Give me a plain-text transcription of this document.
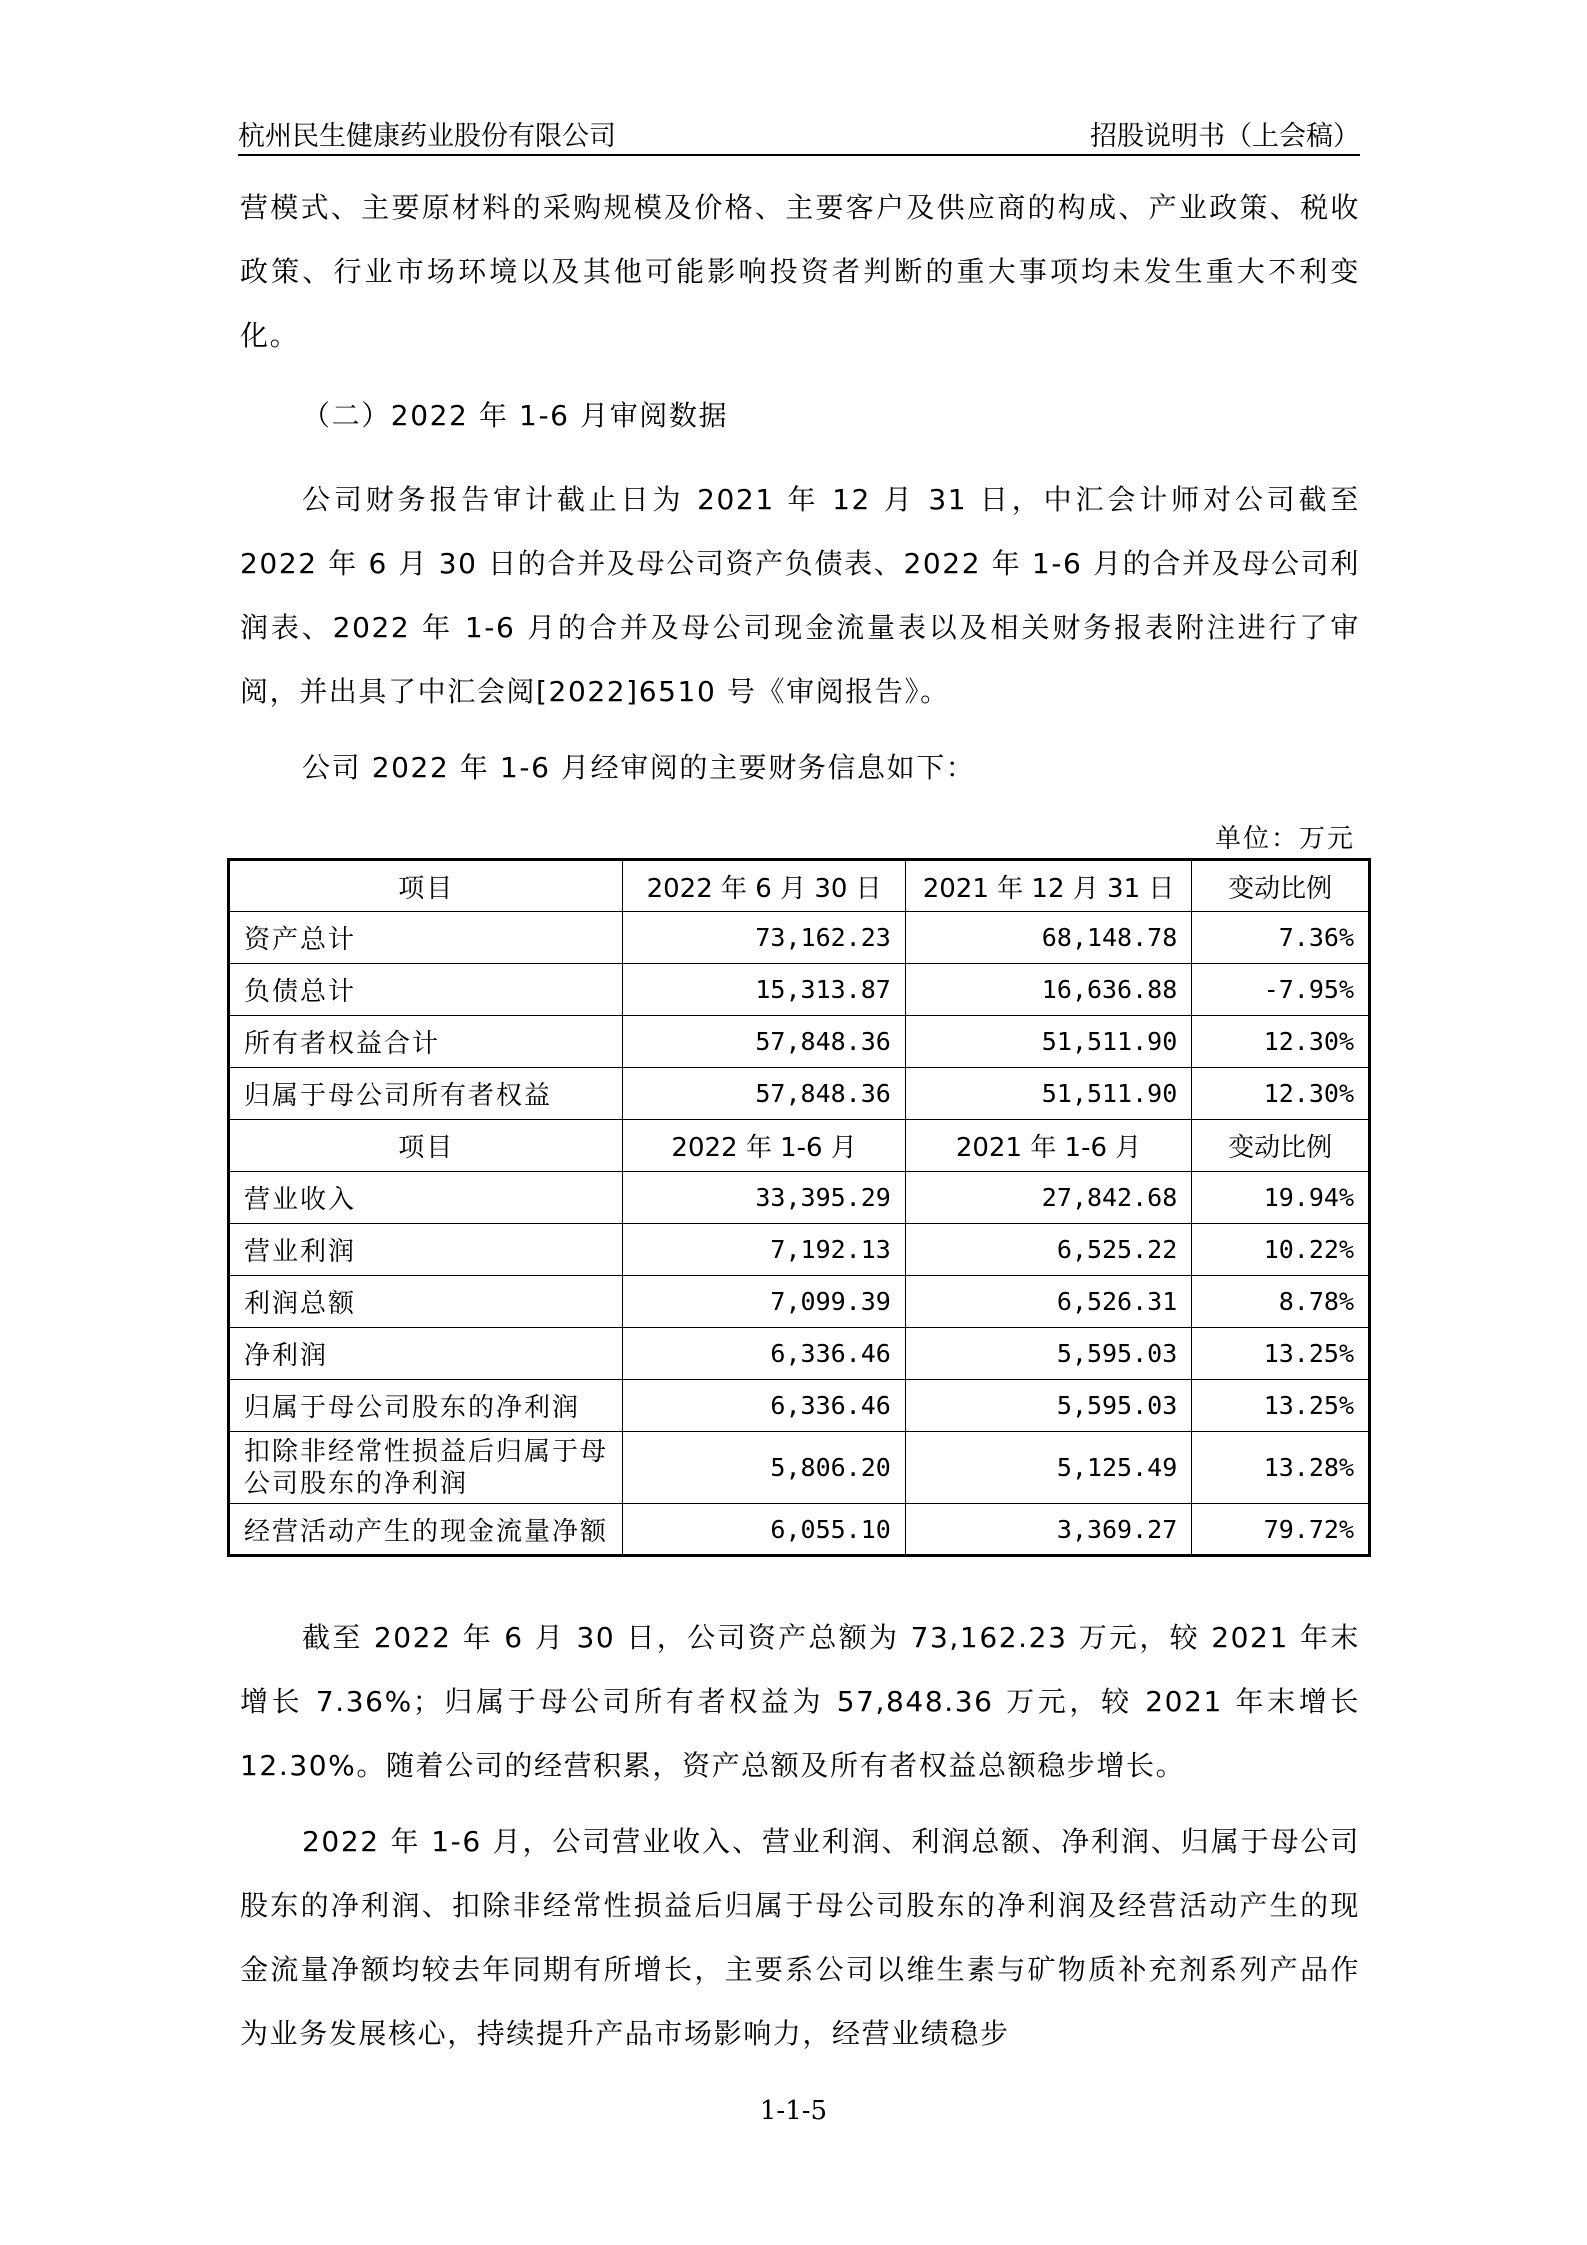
杭州民生健康药业股份有限公司	招股说明书（上会稿）

营模式、主要原材料的采购规模及价格、主要客户及供应商的构成、产业政策、税收政策、行业市场环境以及其他可能影响投资者判断的重大事项均未发生重大不利变化。

（二）2022 年 1-6 月审阅数据

公司财务报告审计截止日为 2021 年 12 月 31 日，中汇会计师对公司截至 2022 年 6 月 30 日的合并及母公司资产负债表、2022 年 1-6 月的合并及母公司利润表、2022 年 1-6 月的合并及母公司现金流量表以及相关财务报表附注进行了审阅，并出具了中汇会阅[2022]6510 号《审阅报告》。

公司 2022 年 1-6 月经审阅的主要财务信息如下：

单位：万元
项目	2022 年 6 月 30 日	2021 年 12 月 31 日	变动比例
资产总计	73,162.23	68,148.78	7.36%
负债总计	15,313.87	16,636.88	-7.95%
所有者权益合计	57,848.36	51,511.90	12.30%
归属于母公司所有者权益	57,848.36	51,511.90	12.30%
项目	2022 年 1-6 月	2021 年 1-6 月	变动比例
营业收入	33,395.29	27,842.68	19.94%
营业利润	7,192.13	6,525.22	10.22%
利润总额	7,099.39	6,526.31	8.78%
净利润	6,336.46	5,595.03	13.25%
归属于母公司股东的净利润	6,336.46	5,595.03	13.25%
扣除非经常性损益后归属于母公司股东的净利润	5,806.20	5,125.49	13.28%
经营活动产生的现金流量净额	6,055.10	3,369.27	79.72%

截至 2022 年 6 月 30 日，公司资产总额为 73,162.23 万元，较 2021 年末增长 7.36%；归属于母公司所有者权益为 57,848.36 万元，较 2021 年末增长 12.30%。随着公司的经营积累，资产总额及所有者权益总额稳步增长。

2022 年 1-6 月，公司营业收入、营业利润、利润总额、净利润、归属于母公司股东的净利润、扣除非经常性损益后归属于母公司股东的净利润及经营活动产生的现金流量净额均较去年同期有所增长，主要系公司以维生素与矿物质补充剂系列产品作为业务发展核心，持续提升产品市场影响力，经营业绩稳步

1-1-5
